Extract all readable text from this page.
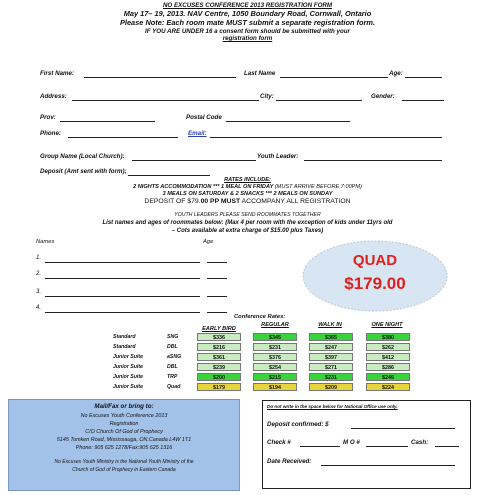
NO EXCUSES CONFERENCE 2013 REGISTRATION FORM
May 17– 19, 2013. NAV Centre, 1050 Boundary Road, Cornwall, Ontario
Please Note: Each room mate MUST submit a separate registration form.
IF YOU ARE UNDER 16 a consent form should be submitted with your
registration form
First Name:	Last Name	Age:
Address:	City:	Gender:
Prov:	Postal Code
Phone:	Email:
Group Name (Local Church):	Youth Leader:
Deposit (Amt sent with form);
RATES INCLUDE:
2 NIGHTS ACCOMMODATION *** 1 MEAL ON FRIDAY (MUST ARRIVE BEFORE 7:00PM)
3 MEALS ON SATURDAY & 2 SNACKS *** 2 MEALS ON SUNDAY
DEPOSIT OF $79.00 PP MUST ACCOMPANY ALL REGISTRATION
YOUTH LEADERS PLEASE SEND ROOMMATES TOGETHER
List names and ages of roommates below: (Max 4 per room with the exception of kids under 11yrs old
– Cots available at extra charge of $15.00 plus Taxes)
Names	Age
1.
2.
3.
4.
QUAD
$179.00
Conference Rates:
EARLY BIRD
REGULAR	WALK IN	ONE NIGHT
Standard	SNG	$336	$345	$365	$380
Standard	DBL	$216	$231	$247	$262
Junior Suite	aSNG	$361	$376	$397	$412
Junior Suite	DBL	$239	$254	$271	$286
Junior Suite	TRP	$200	$215	$231	$246
Junior Suite	Quad	$179	$194	$209	$224
Mail/Fax or bring to:
No Excuses Youth Conference 2013
Registration
C/O Church Of God of Prophecy
5145 Tomken Road, Mississauga, ON.Canada L4W 1T1
Phone: 905 625 1278/Fax:905 625 1316
No Excuses Youth Ministry is the National Youth Ministry of the
Church of God of Prophecy in Eastern Canada
Do not write in the space below for National Office use only.
Deposit confirmed: $
Check #	M O #	Cash:
Date Received:
